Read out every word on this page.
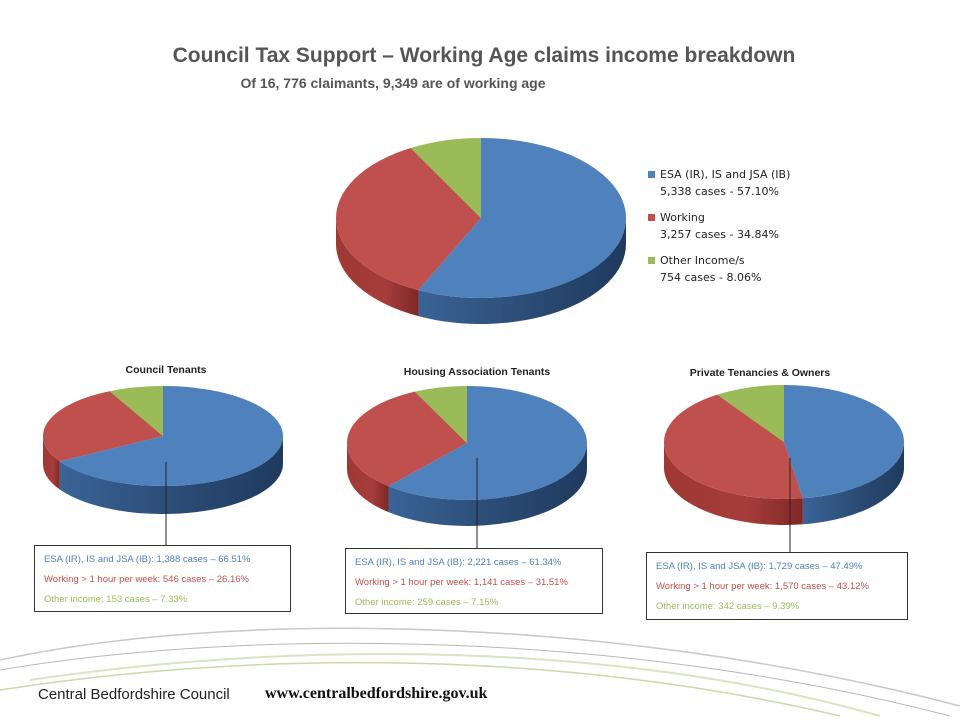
Council Tax Support – Working Age claims income breakdown
Of 16, 776 claimants, 9,349 are of working age
ESA (IR), IS and JSA (IB)
5,338 cases - 57.10%
Working
3,257 cases - 34.84%
Other Income/s
754 cases - 8.06%
Council Tenants	Housing Association Tenants	Private Tenancies & Owners
ESA (IR), IS and JSA (IB): 1,388 cases – 66.51%
Working > 1 hour per week: 546 cases – 26.16%
Other income: 153 cases – 7.33%
ESA (IR), IS and JSA (IB): 2,221 cases – 61.34%
Working > 1 hour per week: 1,141 cases – 31.51%
Other income: 259 cases – 7.15%
ESA (IR), IS and JSA (IB): 1,729 cases – 47.49%
Working > 1 hour per week: 1,570 cases – 43.12%
Other income: 342 cases – 9.39%
Central Bedfordshire Council www.centralbedfordshire.gov.uk
